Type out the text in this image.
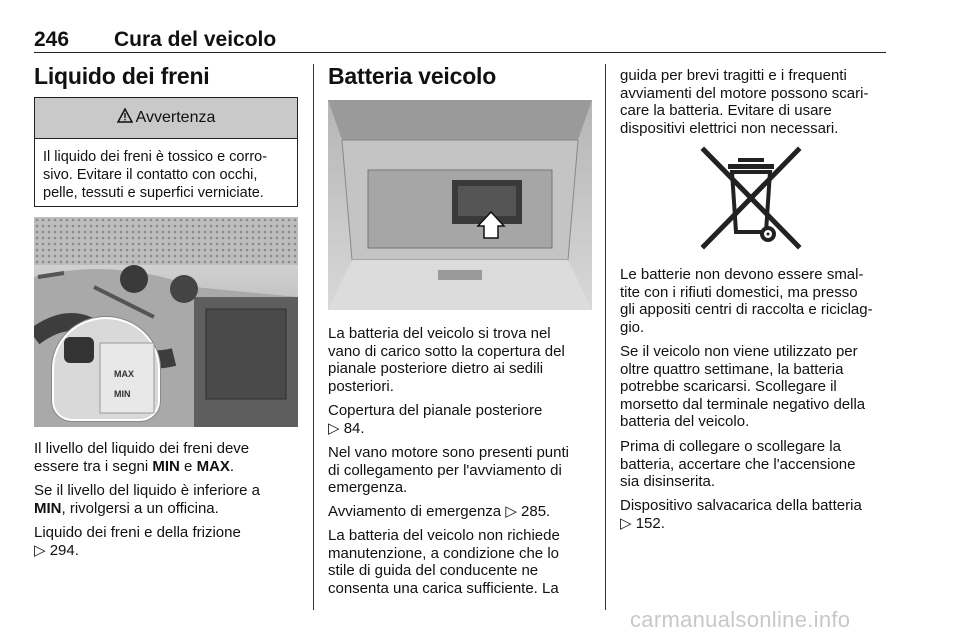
246 Cura del veicolo
Liquido dei freni
Avvertenza
Il liquido dei freni è tossico e corro-
sivo. Evitare il contatto con occhi,
pelle, tessuti e superfici verniciate.
MAX
MIN
Il livello del liquido dei freni deve
essere tra i segni MIN e MAX.
Se il livello del liquido è inferiore a
MIN, rivolgersi a un officina.
Liquido dei freni e della frizione
▷ 294.
Batteria veicolo
La batteria del veicolo si trova nel
vano di carico sotto la copertura del
pianale posteriore dietro ai sedili
posteriori.
Copertura del pianale posteriore
▷ 84.
Nel vano motore sono presenti punti
di collegamento per l'avviamento di
emergenza.
Avviamento di emergenza ▷ 285.
La batteria del veicolo non richiede
manutenzione, a condizione che lo
stile di guida del conducente ne
consenta una carica sufficiente. La
guida per brevi tragitti e i frequenti
avviamenti del motore possono scari-
care la batteria. Evitare di usare
dispositivi elettrici non necessari.
Le batterie non devono essere smal-
tite con i rifiuti domestici, ma presso
gli appositi centri di raccolta e riciclag-
gio.
Se il veicolo non viene utilizzato per
oltre quattro settimane, la batteria
potrebbe scaricarsi. Scollegare il
morsetto dal terminale negativo della
batteria del veicolo.
Prima di collegare o scollegare la
batteria, accertare che l'accensione
sia disinserita.
Dispositivo salvacarica della batteria
▷ 152.
carmanualsonline.info
